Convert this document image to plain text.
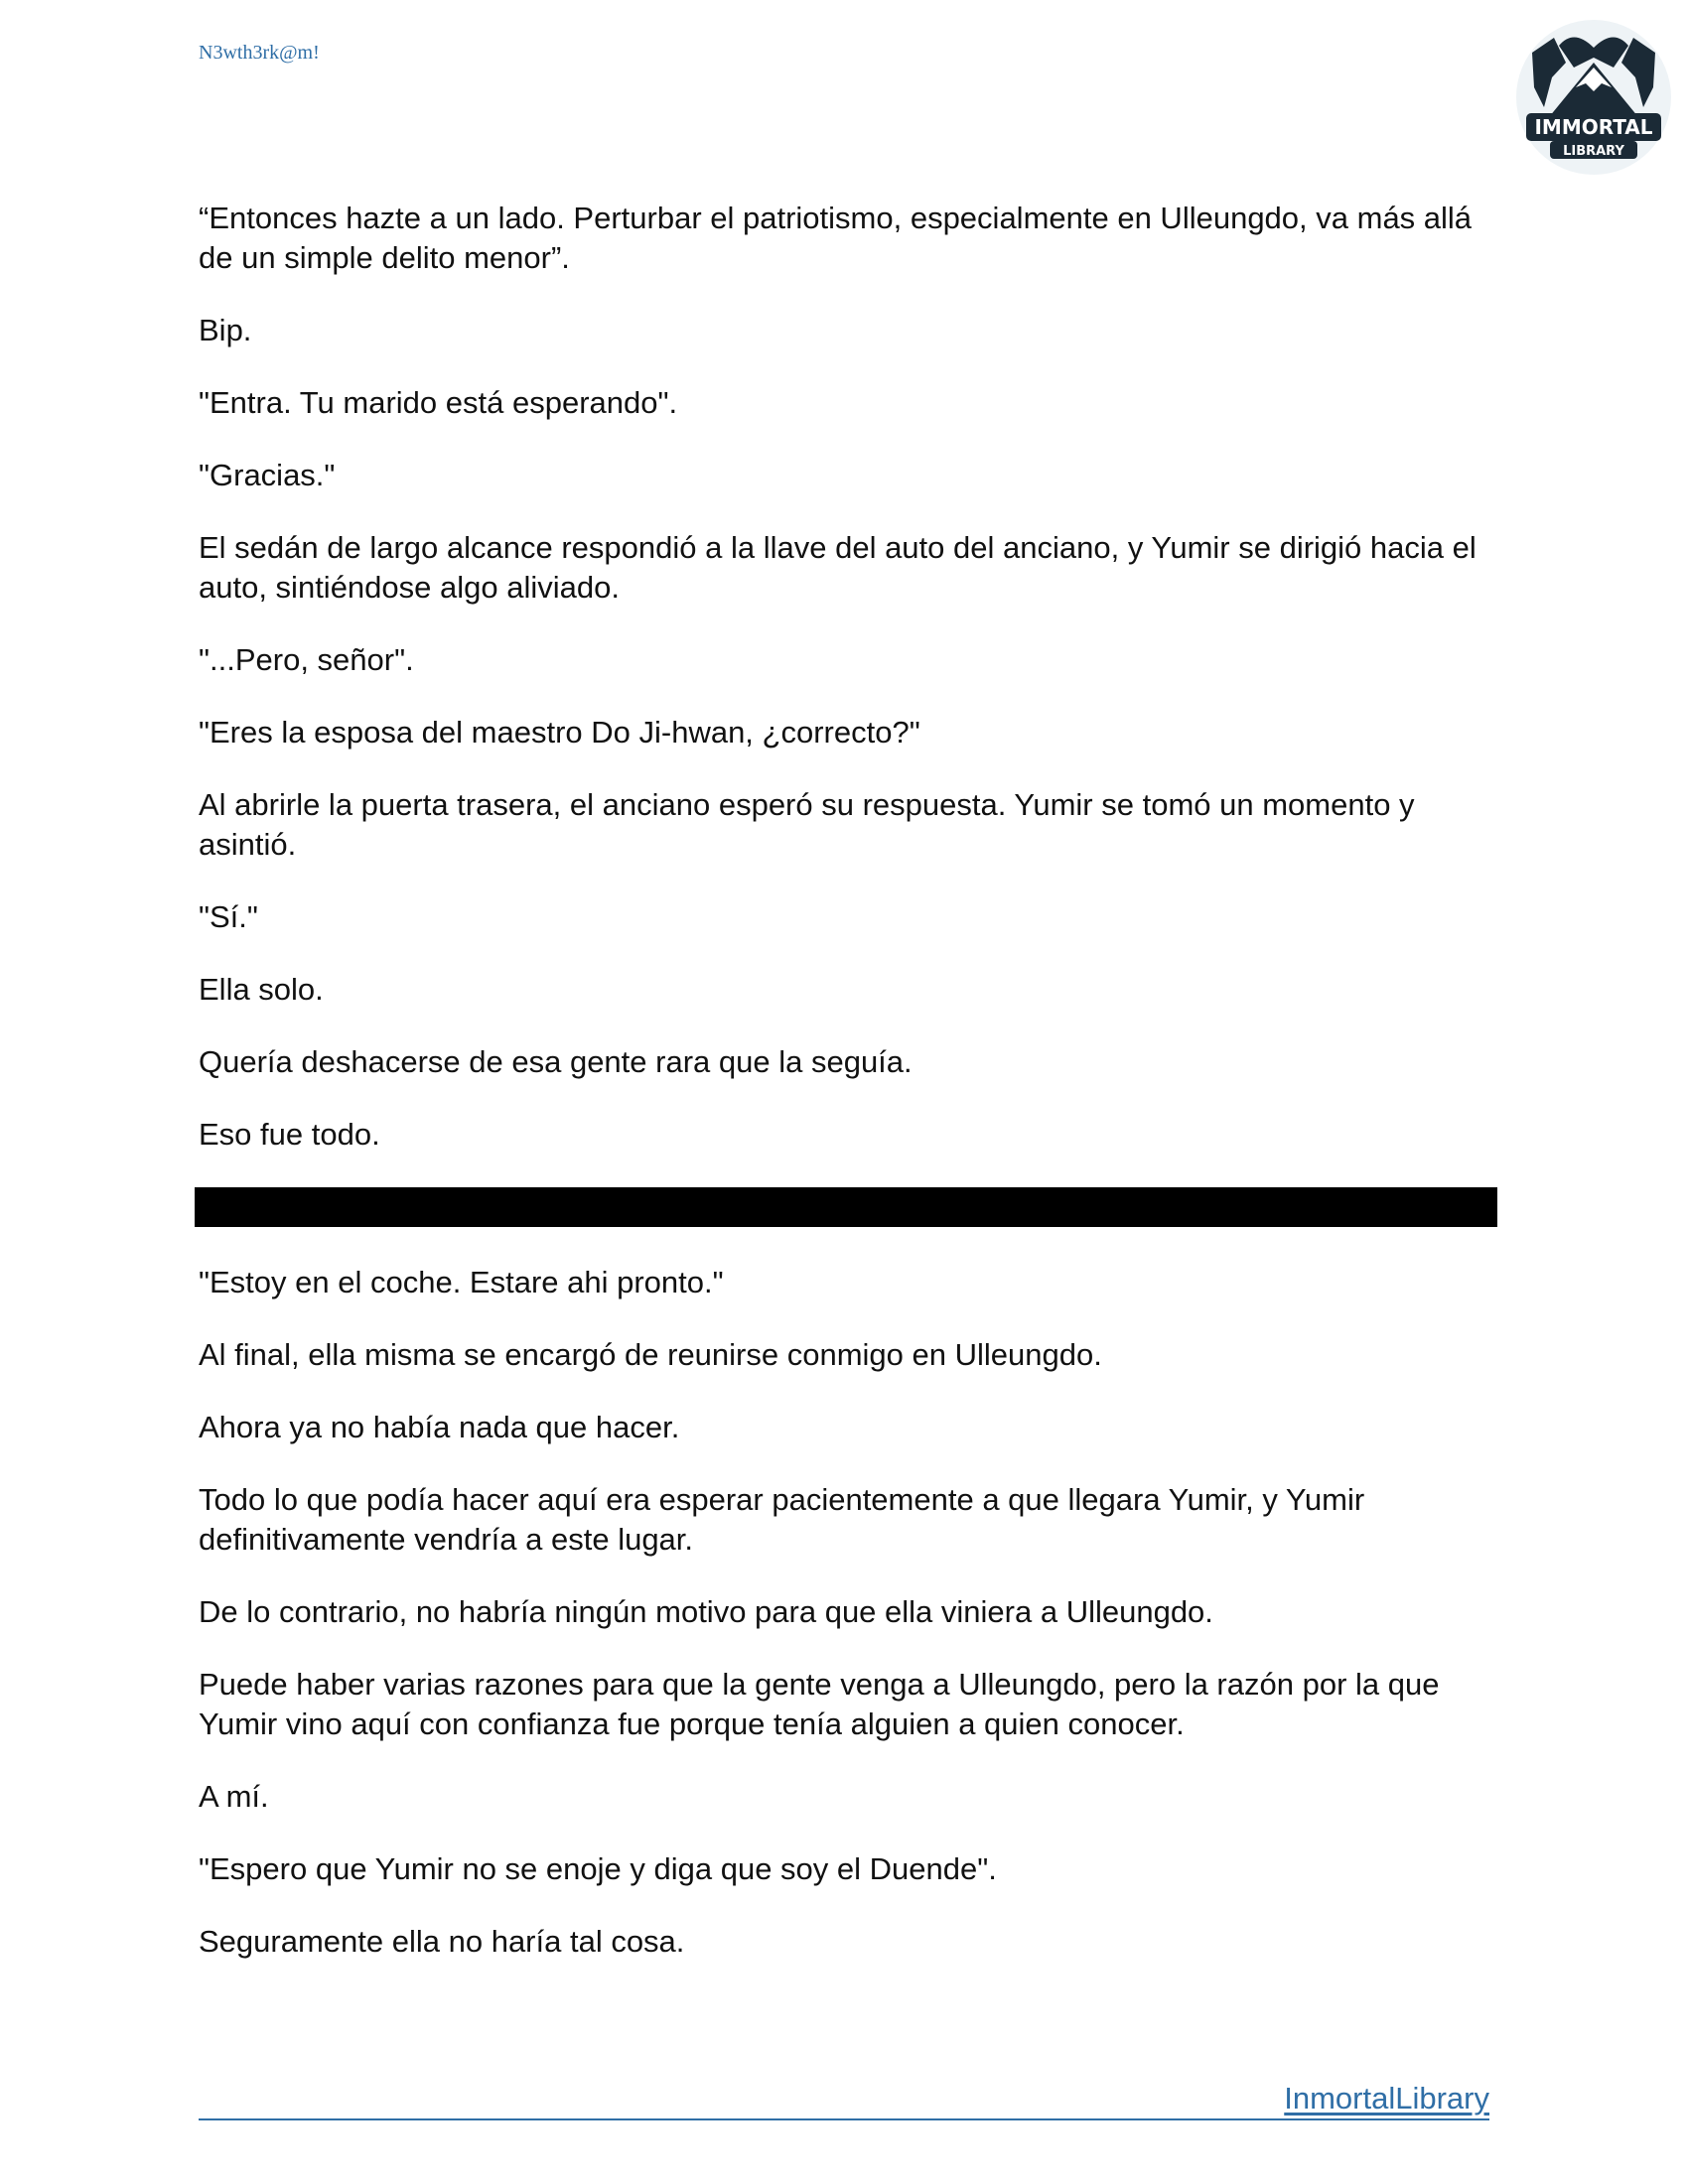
N3wth3rk@m!
IMMORTAL
LIBRARY

“Entonces hazte a un lado. Perturbar el patriotismo, especialmente en Ulleungdo, va más allá de un simple delito menor”.

Bip.

"Entra. Tu marido está esperando".

"Gracias."

El sedán de largo alcance respondió a la llave del auto del anciano, y Yumir se dirigió hacia el auto, sintiéndose algo aliviado.

"...Pero, señor".

"Eres la esposa del maestro Do Ji-hwan, ¿correcto?"

Al abrirle la puerta trasera, el anciano esperó su respuesta. Yumir se tomó un momento y asintió.

"Sí."

Ella solo.

Quería deshacerse de esa gente rara que la seguía.

Eso fue todo.

"Estoy en el coche. Estare ahi pronto."

Al final, ella misma se encargó de reunirse conmigo en Ulleungdo.

Ahora ya no había nada que hacer.

Todo lo que podía hacer aquí era esperar pacientemente a que llegara Yumir, y Yumir definitivamente vendría a este lugar.

De lo contrario, no habría ningún motivo para que ella viniera a Ulleungdo.

Puede haber varias razones para que la gente venga a Ulleungdo, pero la razón por la que Yumir vino aquí con confianza fue porque tenía alguien a quien conocer.

A mí.

"Espero que Yumir no se enoje y diga que soy el Duende".

Seguramente ella no haría tal cosa.

InmortalLibrary
